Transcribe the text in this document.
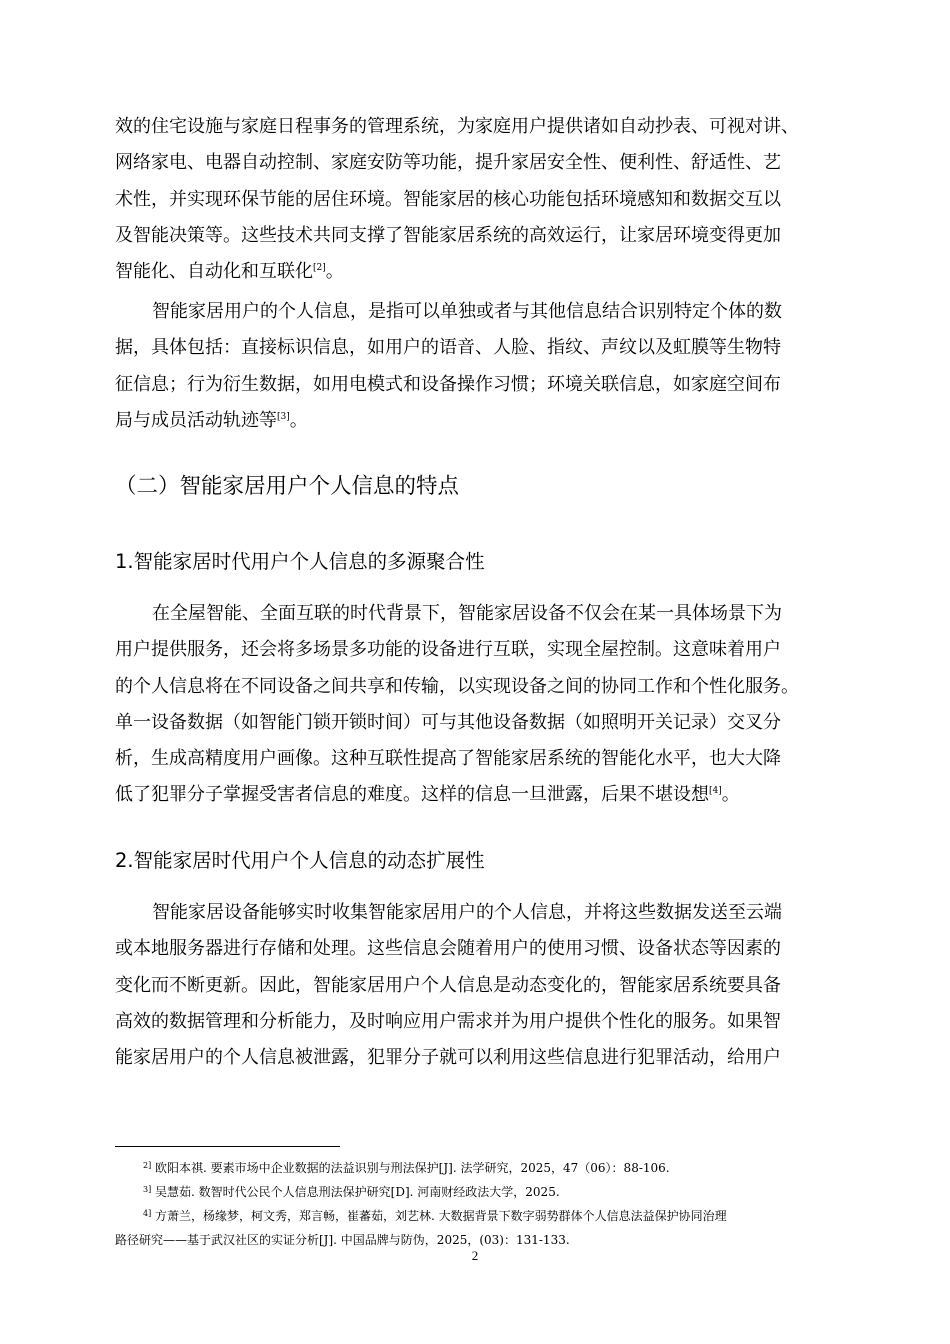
效的住宅设施与家庭日程事务的管理系统，为家庭用户提供诸如自动抄表、可视对讲、
网络家电、电器自动控制、家庭安防等功能，提升家居安全性、便利性、舒适性、艺
术性，并实现环保节能的居住环境。智能家居的核心功能包括环境感知和数据交互以
及智能决策等。这些技术共同支撑了智能家居系统的高效运行，让家居环境变得更加
智能化、自动化和互联化[2]。
智能家居用户的个人信息，是指可以单独或者与其他信息结合识别特定个体的数
据，具体包括：直接标识信息，如用户的语音、人脸、指纹、声纹以及虹膜等生物特
征信息；行为衍生数据，如用电模式和设备操作习惯；环境关联信息，如家庭空间布
局与成员活动轨迹等[3]。
（二）智能家居用户个人信息的特点
1.智能家居时代用户个人信息的多源聚合性
在全屋智能、全面互联的时代背景下，智能家居设备不仅会在某一具体场景下为
用户提供服务，还会将多场景多功能的设备进行互联，实现全屋控制。这意味着用户
的个人信息将在不同设备之间共享和传输，以实现设备之间的协同工作和个性化服务。
单一设备数据（如智能门锁开锁时间）可与其他设备数据（如照明开关记录）交叉分
析，生成高精度用户画像。这种互联性提高了智能家居系统的智能化水平，也大大降
低了犯罪分子掌握受害者信息的难度。这样的信息一旦泄露，后果不堪设想[4]。
2.智能家居时代用户个人信息的动态扩展性
智能家居设备能够实时收集智能家居用户的个人信息，并将这些数据发送至云端
或本地服务器进行存储和处理。这些信息会随着用户的使用习惯、设备状态等因素的
变化而不断更新。因此，智能家居用户个人信息是动态变化的，智能家居系统要具备
高效的数据管理和分析能力，及时响应用户需求并为用户提供个性化的服务。如果智
能家居用户的个人信息被泄露，犯罪分子就可以利用这些信息进行犯罪活动，给用户
$^{2]}$ 欧阳本祺. 要素市场中企业数据的法益识别与刑法保护[J]. 法学研究，2025，47（06）：88-106.
$^{3]}$ 吴慧茹. 数智时代公民个人信息刑法保护研究[D]. 河南财经政法大学，2025.
$^{4]}$ 方萧兰，杨缘梦，柯文秀，郑言畅，崔蕃茹，刘艺林. 大数据背景下数字弱势群体个人信息法益保护协同治理
路径研究——基于武汉社区的实证分析[J]. 中国品牌与防伪，2025，(03)：131-133.
2
